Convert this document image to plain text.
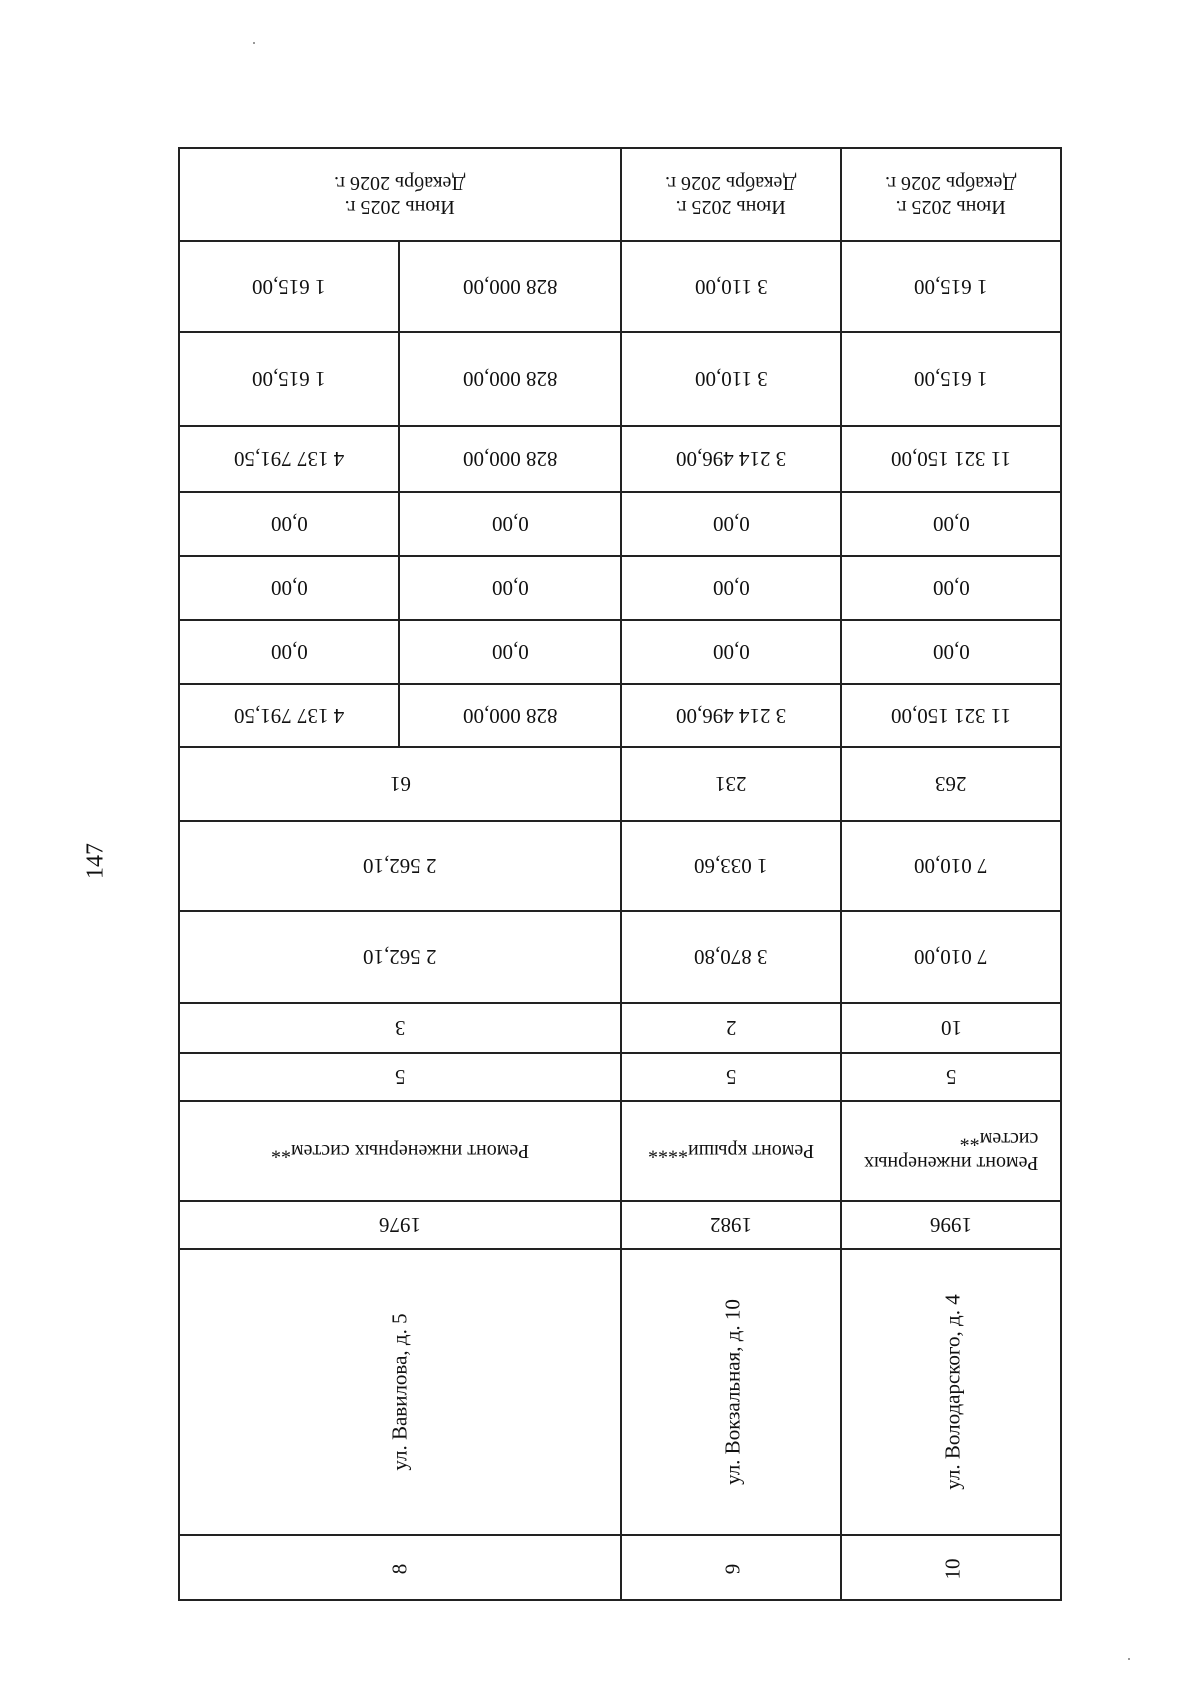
147
Июнь 2025 г.
Декабрь 2026 г.
1 615,00
1 615,00
11 321 150,00
0,00
0,00
0,00
11 321 150,00
263
7 010,00
7 010,00
10
5
Ремонт инженерных
систем**
1996
ул. Володарского, д. 4
10
Июнь 2025 г.
Декабрь 2026 г.
3 110,00
3 110,00
3 214 496,00
0,00
0,00
0,00
3 214 496,00
231
1 033,60
3 870,80
2
5
Ремонт крыши****
1982
ул. Вокзальная, д. 10
9
Июнь 2025 г.
Декабрь 2026 г.
828 000,00
1 615,00
828 000,00
1 615,00
828 000,00
4 137 791,50
0,00
0,00
0,00
0,00
0,00
0,00
828 000,00
4 137 791,50
61
2 562,10
2 562,10
3
5
Ремонт инженерных систем**
1976
ул. Вавилова, д. 5
8
